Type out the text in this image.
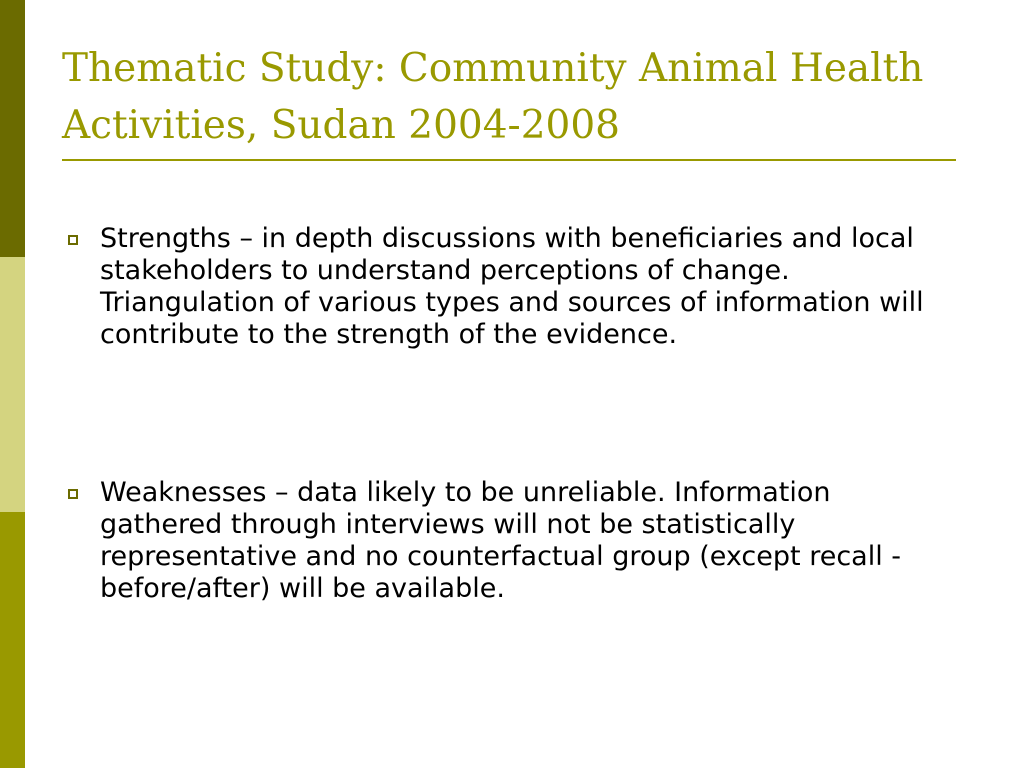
Thematic Study: Community Animal Health Activities, Sudan 2004-2008
Strengths – in depth discussions with beneficiaries and local stakeholders to understand perceptions of change. Triangulation of various types and sources of information will contribute to the strength of the evidence.
Weaknesses – data likely to be unreliable. Information gathered through interviews will not be statistically representative and no counterfactual group (except recall - before/after) will be available.
